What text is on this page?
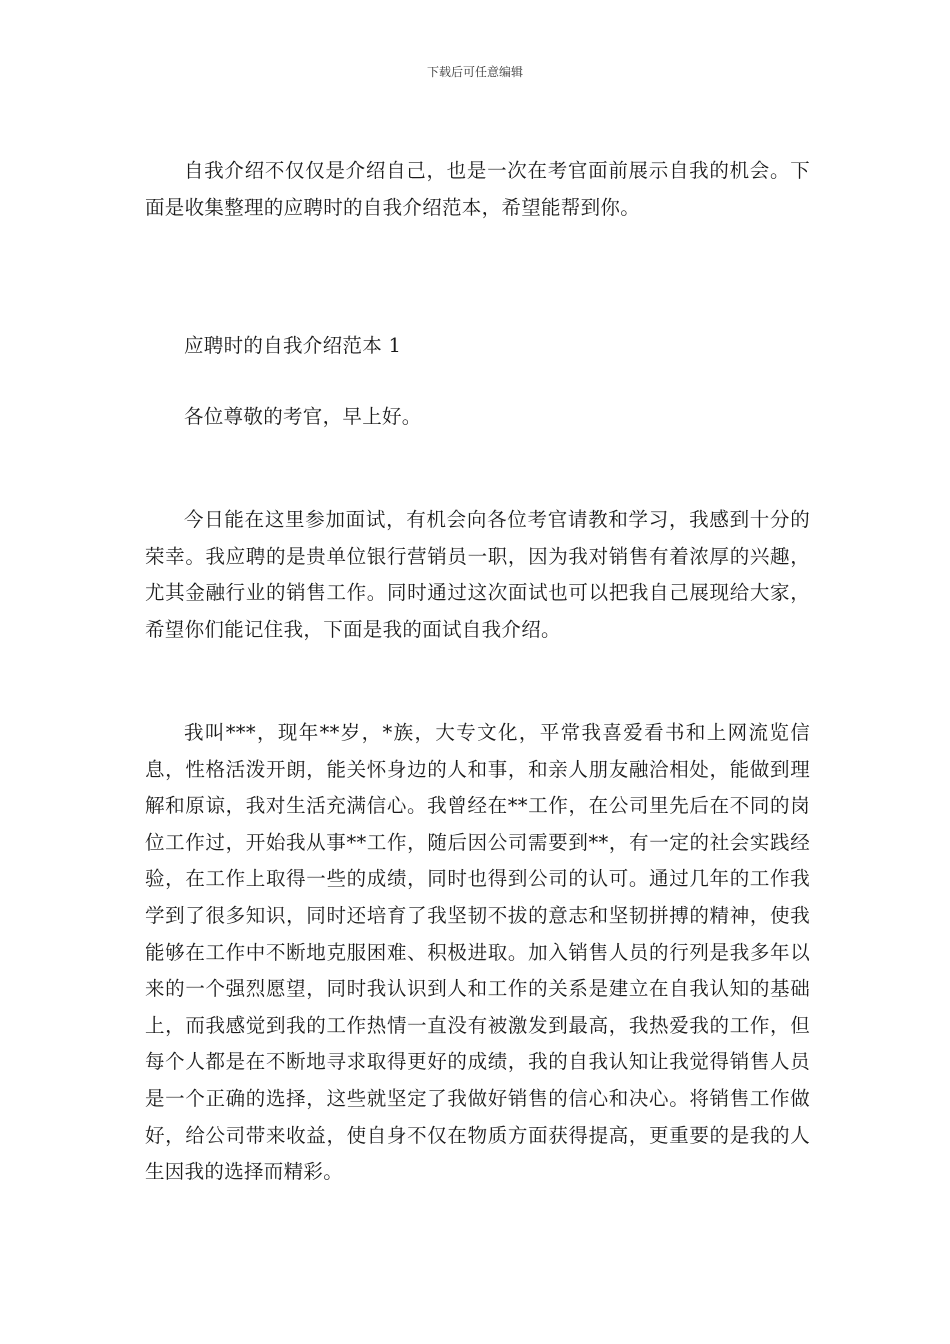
下载后可任意编辑

自我介绍不仅仅是介绍自己，也是一次在考官面前展示自我的机会。下面是收集整理的应聘时的自我介绍范本，希望能帮到你。

应聘时的自我介绍范本 1

各位尊敬的考官，早上好。

今日能在这里参加面试，有机会向各位考官请教和学习，我感到十分的荣幸。我应聘的是贵单位银行营销员一职，因为我对销售有着浓厚的兴趣，尤其金融行业的销售工作。同时通过这次面试也可以把我自己展现给大家，希望你们能记住我，下面是我的面试自我介绍。

我叫***，现年**岁，*族，大专文化，平常我喜爱看书和上网流览信息，性格活泼开朗，能关怀身边的人和事，和亲人朋友融洽相处，能做到理解和原谅，我对生活充满信心。我曾经在**工作，在公司里先后在不同的岗位工作过，开始我从事**工作，随后因公司需要到**，有一定的社会实践经验，在工作上取得一些的成绩，同时也得到公司的认可。通过几年的工作我学到了很多知识，同时还培育了我坚韧不拔的意志和坚韧拼搏的精神，使我能够在工作中不断地克服困难、积极进取。加入销售人员的行列是我多年以来的一个强烈愿望，同时我认识到人和工作的关系是建立在自我认知的基础上，而我感觉到我的工作热情一直没有被激发到最高，我热爱我的工作，但每个人都是在不断地寻求取得更好的成绩，我的自我认知让我觉得销售人员是一个正确的选择，这些就坚定了我做好销售的信心和决心。将销售工作做好，给公司带来收益，使自身不仅在物质方面获得提高，更重要的是我的人生因我的选择而精彩。
